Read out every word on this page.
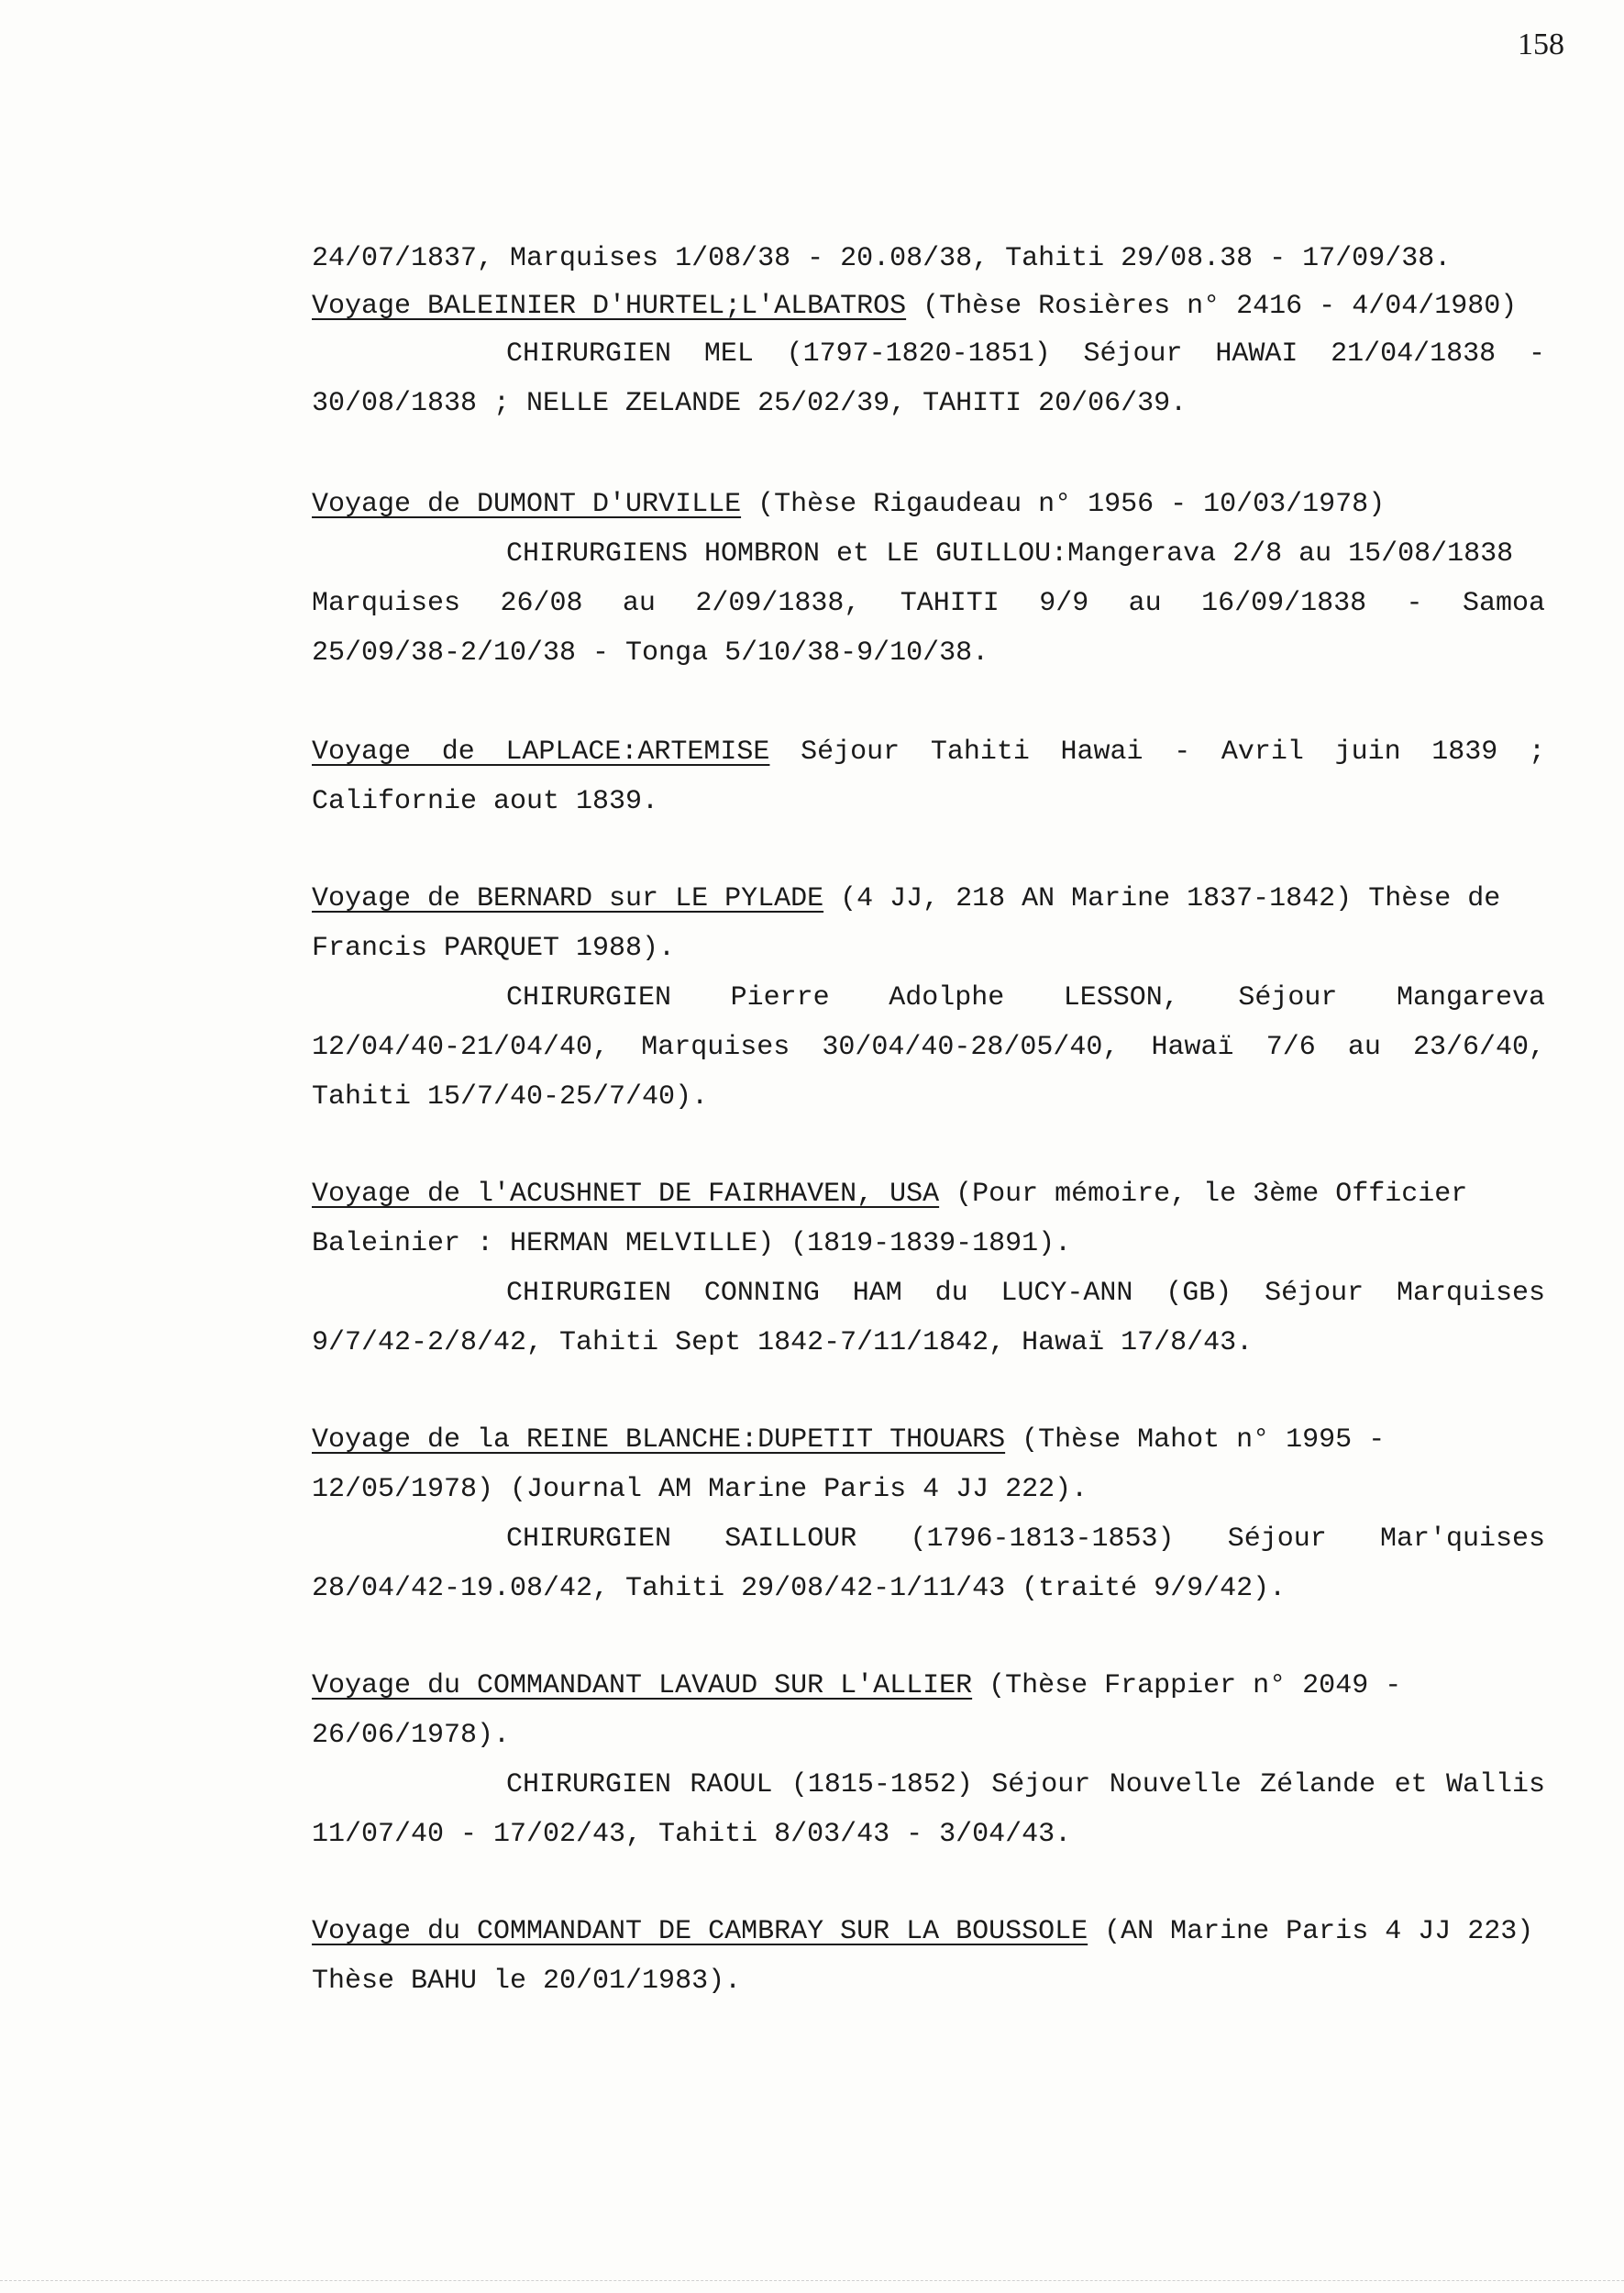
158
24/07/1837, Marquises 1/08/38 - 20.08/38, Tahiti 29/08.38 - 17/09/38.
Voyage BALEINIER D'HURTEL;L'ALBATROS (Thèse Rosières n° 2416 - 4/04/1980)
CHIRURGIEN MEL (1797-1820-1851) Séjour HAWAI 21/04/1838 -
30/08/1838 ; NELLE ZELANDE 25/02/39, TAHITI 20/06/39.
Voyage de DUMONT D'URVILLE (Thèse Rigaudeau n° 1956 - 10/03/1978)
CHIRURGIENS HOMBRON et LE GUILLOU:Mangerava 2/8 au 15/08/1838
Marquises 26/08 au 2/09/1838, TAHITI 9/9 au 16/09/1838 - Samoa
25/09/38-2/10/38 - Tonga 5/10/38-9/10/38.
Voyage de LAPLACE:ARTEMISE Séjour Tahiti Hawai - Avril juin 1839 ;
Californie aout 1839.
Voyage de BERNARD sur LE PYLADE (4 JJ, 218 AN Marine 1837-1842) Thèse de
Francis PARQUET 1988).
CHIRURGIEN Pierre Adolphe LESSON, Séjour Mangareva
12/04/40-21/04/40, Marquises 30/04/40-28/05/40, Hawaï 7/6 au 23/6/40,
Tahiti 15/7/40-25/7/40).
Voyage de l'ACUSHNET DE FAIRHAVEN, USA (Pour mémoire, le 3ème Officier
Baleinier : HERMAN MELVILLE) (1819-1839-1891).
CHIRURGIEN CONNING HAM du LUCY-ANN (GB) Séjour Marquises
9/7/42-2/8/42, Tahiti Sept 1842-7/11/1842, Hawaï 17/8/43.
Voyage de la REINE BLANCHE:DUPETIT THOUARS (Thèse Mahot n° 1995 -
12/05/1978) (Journal AM Marine Paris 4 JJ 222).
CHIRURGIEN SAILLOUR (1796-1813-1853) Séjour Mar'quises
28/04/42-19.08/42, Tahiti 29/08/42-1/11/43 (traité 9/9/42).
Voyage du COMMANDANT LAVAUD SUR L'ALLIER (Thèse Frappier n° 2049 -
26/06/1978).
CHIRURGIEN RAOUL (1815-1852) Séjour Nouvelle Zélande et Wallis
11/07/40 - 17/02/43, Tahiti 8/03/43 - 3/04/43.
Voyage du COMMANDANT DE CAMBRAY SUR LA BOUSSOLE (AN Marine Paris 4 JJ 223)
Thèse BAHU le 20/01/1983).
